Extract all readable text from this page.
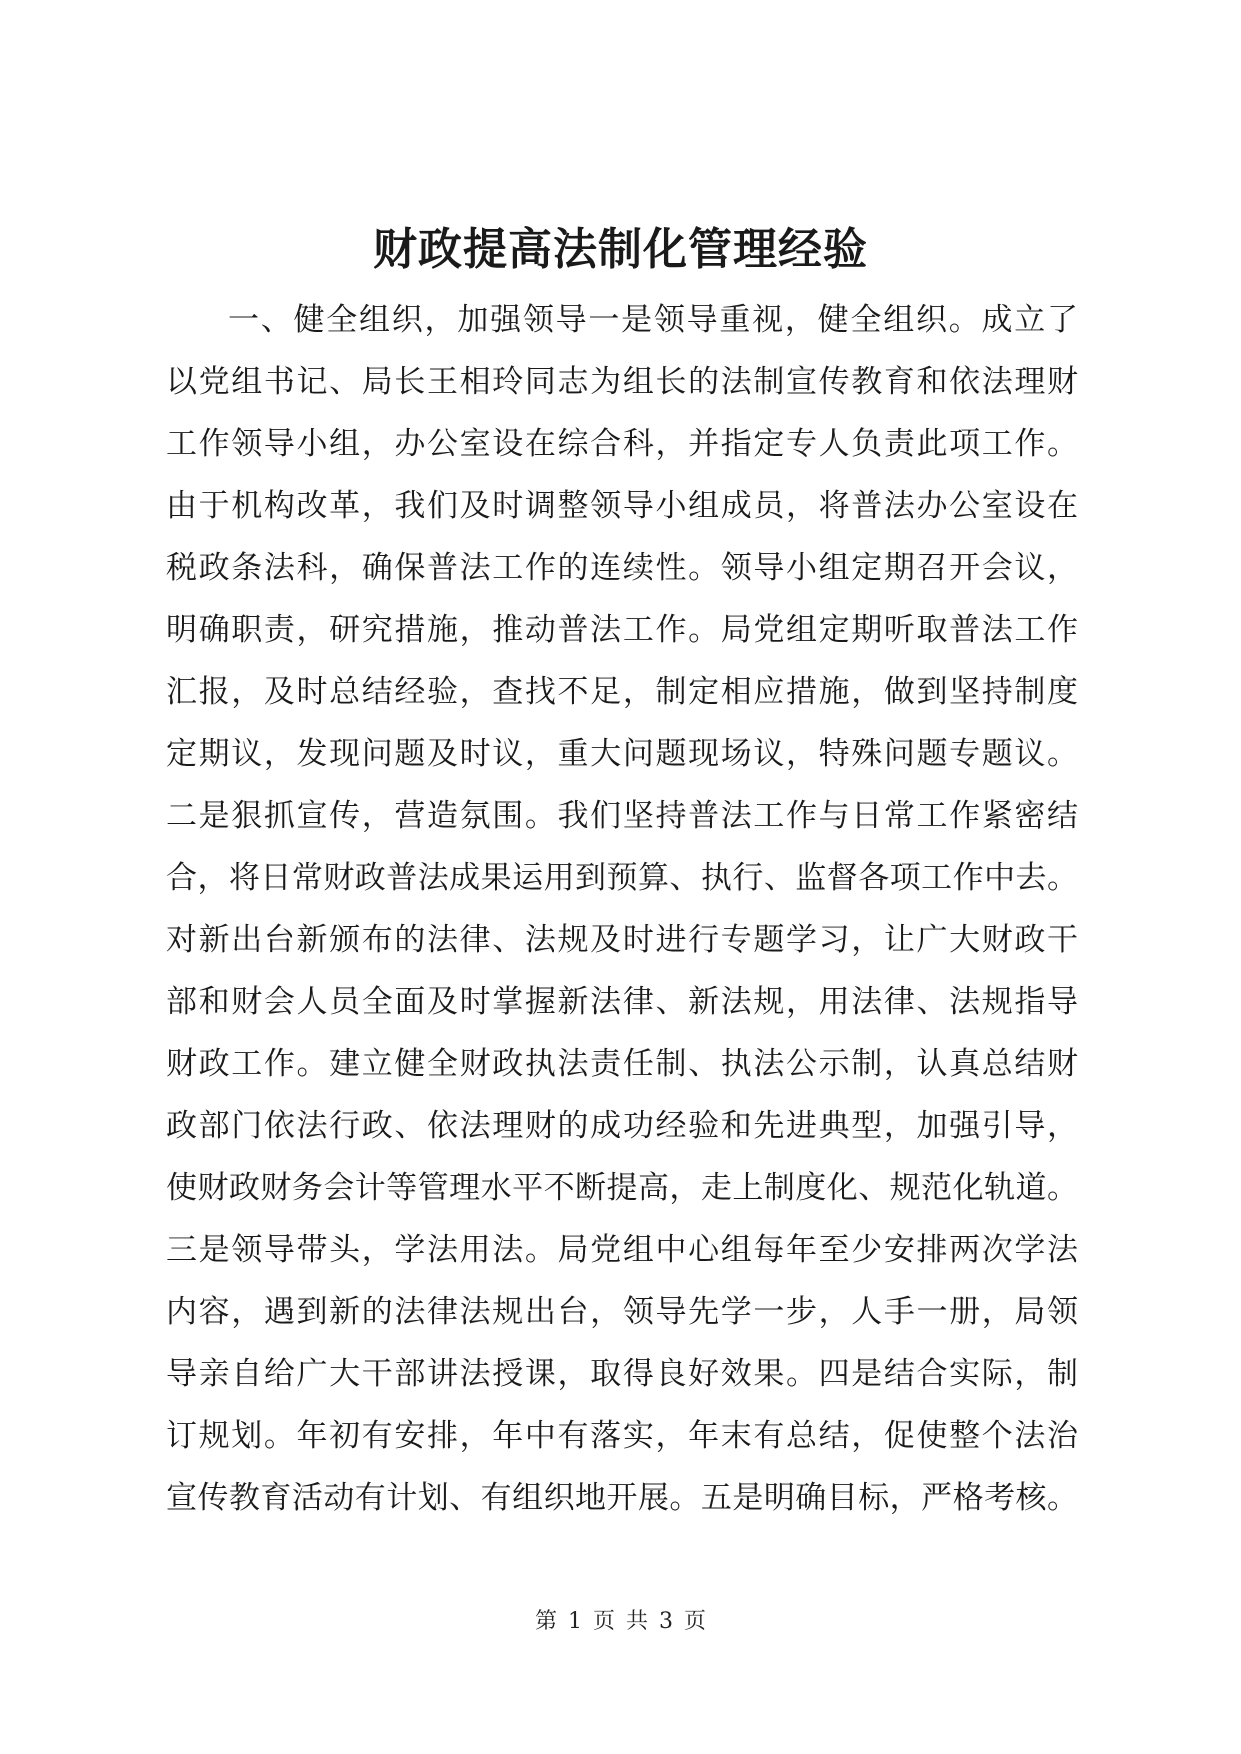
财政提高法制化管理经验
一、健全组织，加强领导一是领导重视，健全组织。成立了
以党组书记、局长王相玲同志为组长的法制宣传教育和依法理财
工作领导小组，办公室设在综合科，并指定专人负责此项工作。
由于机构改革，我们及时调整领导小组成员，将普法办公室设在
税政条法科，确保普法工作的连续性。领导小组定期召开会议，
明确职责，研究措施，推动普法工作。局党组定期听取普法工作
汇报，及时总结经验，查找不足，制定相应措施，做到坚持制度
定期议，发现问题及时议，重大问题现场议，特殊问题专题议。
二是狠抓宣传，营造氛围。我们坚持普法工作与日常工作紧密结
合，将日常财政普法成果运用到预算、执行、监督各项工作中去。
对新出台新颁布的法律、法规及时进行专题学习，让广大财政干
部和财会人员全面及时掌握新法律、新法规，用法律、法规指导
财政工作。建立健全财政执法责任制、执法公示制，认真总结财
政部门依法行政、依法理财的成功经验和先进典型，加强引导，
使财政财务会计等管理水平不断提高，走上制度化、规范化轨道。
三是领导带头，学法用法。局党组中心组每年至少安排两次学法
内容，遇到新的法律法规出台，领导先学一步，人手一册，局领
导亲自给广大干部讲法授课，取得良好效果。四是结合实际，制
订规划。年初有安排，年中有落实，年末有总结，促使整个法治
宣传教育活动有计划、有组织地开展。五是明确目标，严格考核。
第 1 页 共 3 页
